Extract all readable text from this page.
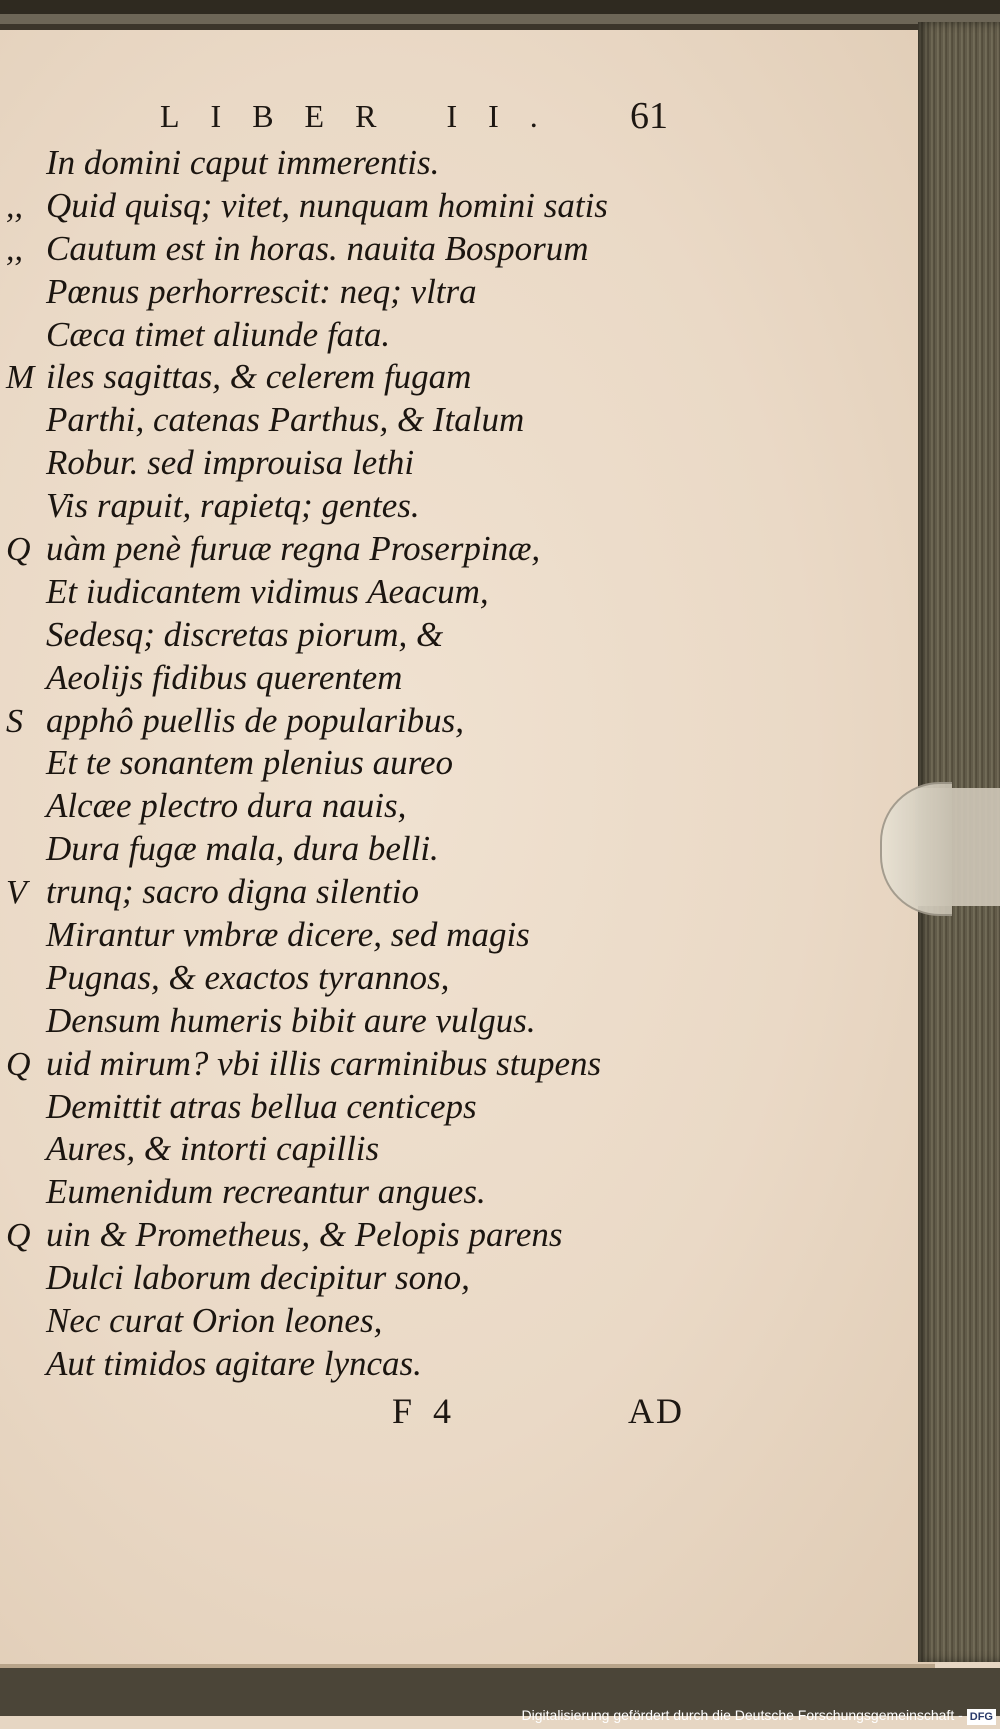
LIBER II. 61
In domini caput immerentis.
,, Quid quisq; vitet, nunquam homini satis
,, Cautum est in horas. nauita Bosporum
Pœnus perhorrescit: neq; vltra
Cæca timet aliunde fata.
M iles sagittas, & celerem fugam
Parthi, catenas Parthus, & Italum
Robur. sed improuisa lethi
Vis rapuit, rapietq; gentes.
Q uàm penè furuæ regna Proserpinæ,
Et iudicantem vidimus Aeacum,
Sedesq; discretas piorum, &
Aeolijs fidibus querentem
S apphô puellis de popularibus,
Et te sonantem plenius aureo
Alcæe plectro dura nauis,
Dura fugæ mala, dura belli.
V trunq; sacro digna silentio
Mirantur vmbræ dicere, sed magis
Pugnas, & exactos tyrannos,
Densum humeris bibit aure vulgus.
Q uid mirum? vbi illis carminibus stupens
Demittit atras bellua centiceps
Aures, & intorti capillis
Eumenidum recreantur angues.
Q uin & Prometheus, & Pelopis parens
Dulci laborum decipitur sono,
Nec curat Orion leones,
Aut timidos agitare lyncas.
F 4	AD
Digitalisierung gefördert durch die Deutsche Forschungsgemeinschaft - DFG
